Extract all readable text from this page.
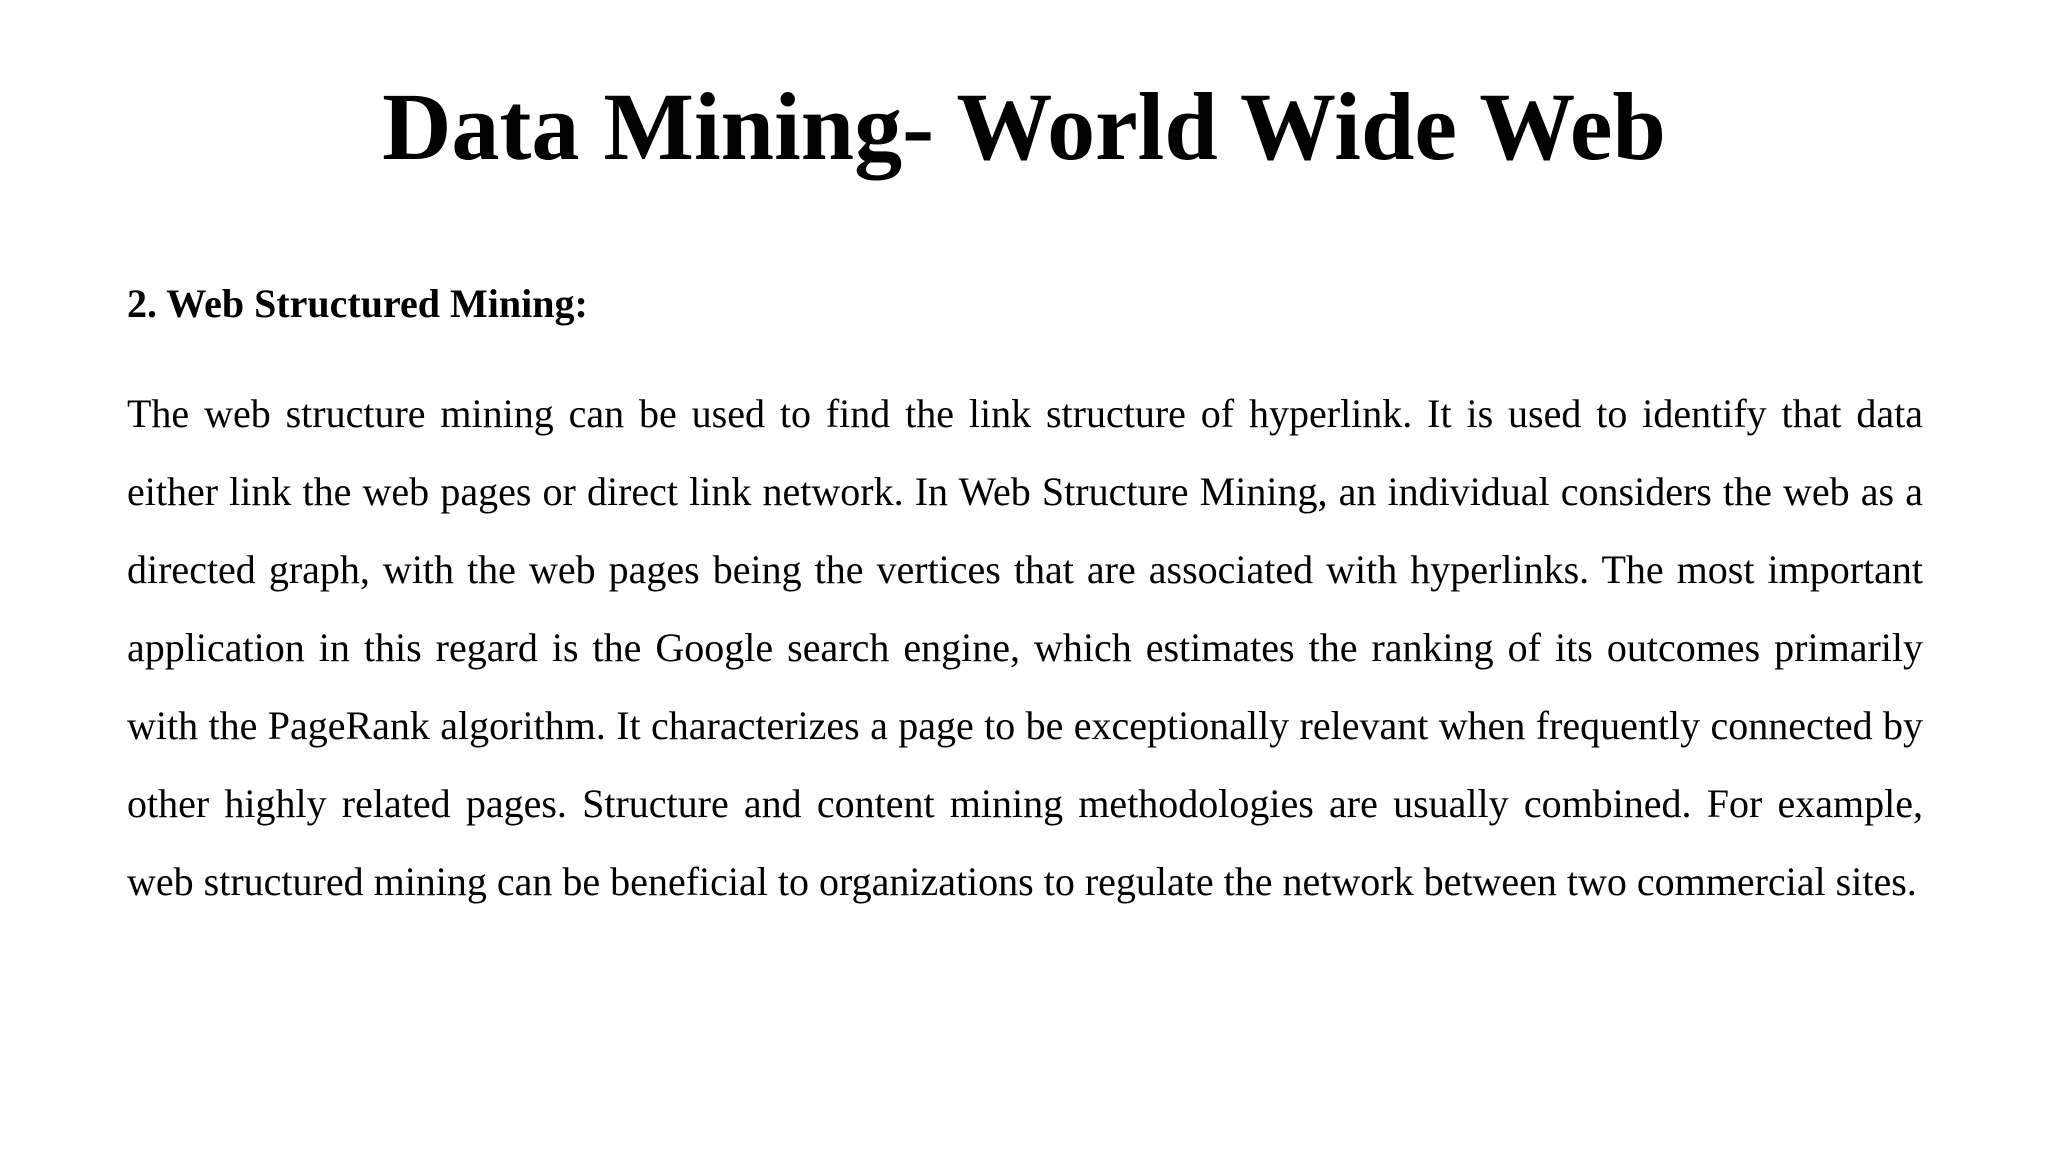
Data Mining- World Wide Web
2. Web Structured Mining:

The web structure mining can be used to find the link structure of hyperlink. It is used to identify that data either link the web pages or direct link network. In Web Structure Mining, an individual considers the web as a directed graph, with the web pages being the vertices that are associated with hyperlinks. The most important application in this regard is the Google search engine, which estimates the ranking of its outcomes primarily with the PageRank algorithm. It characterizes a page to be exceptionally relevant when frequently connected by other highly related pages. Structure and content mining methodologies are usually combined. For example, web structured mining can be beneficial to organizations to regulate the network between two commercial sites.
